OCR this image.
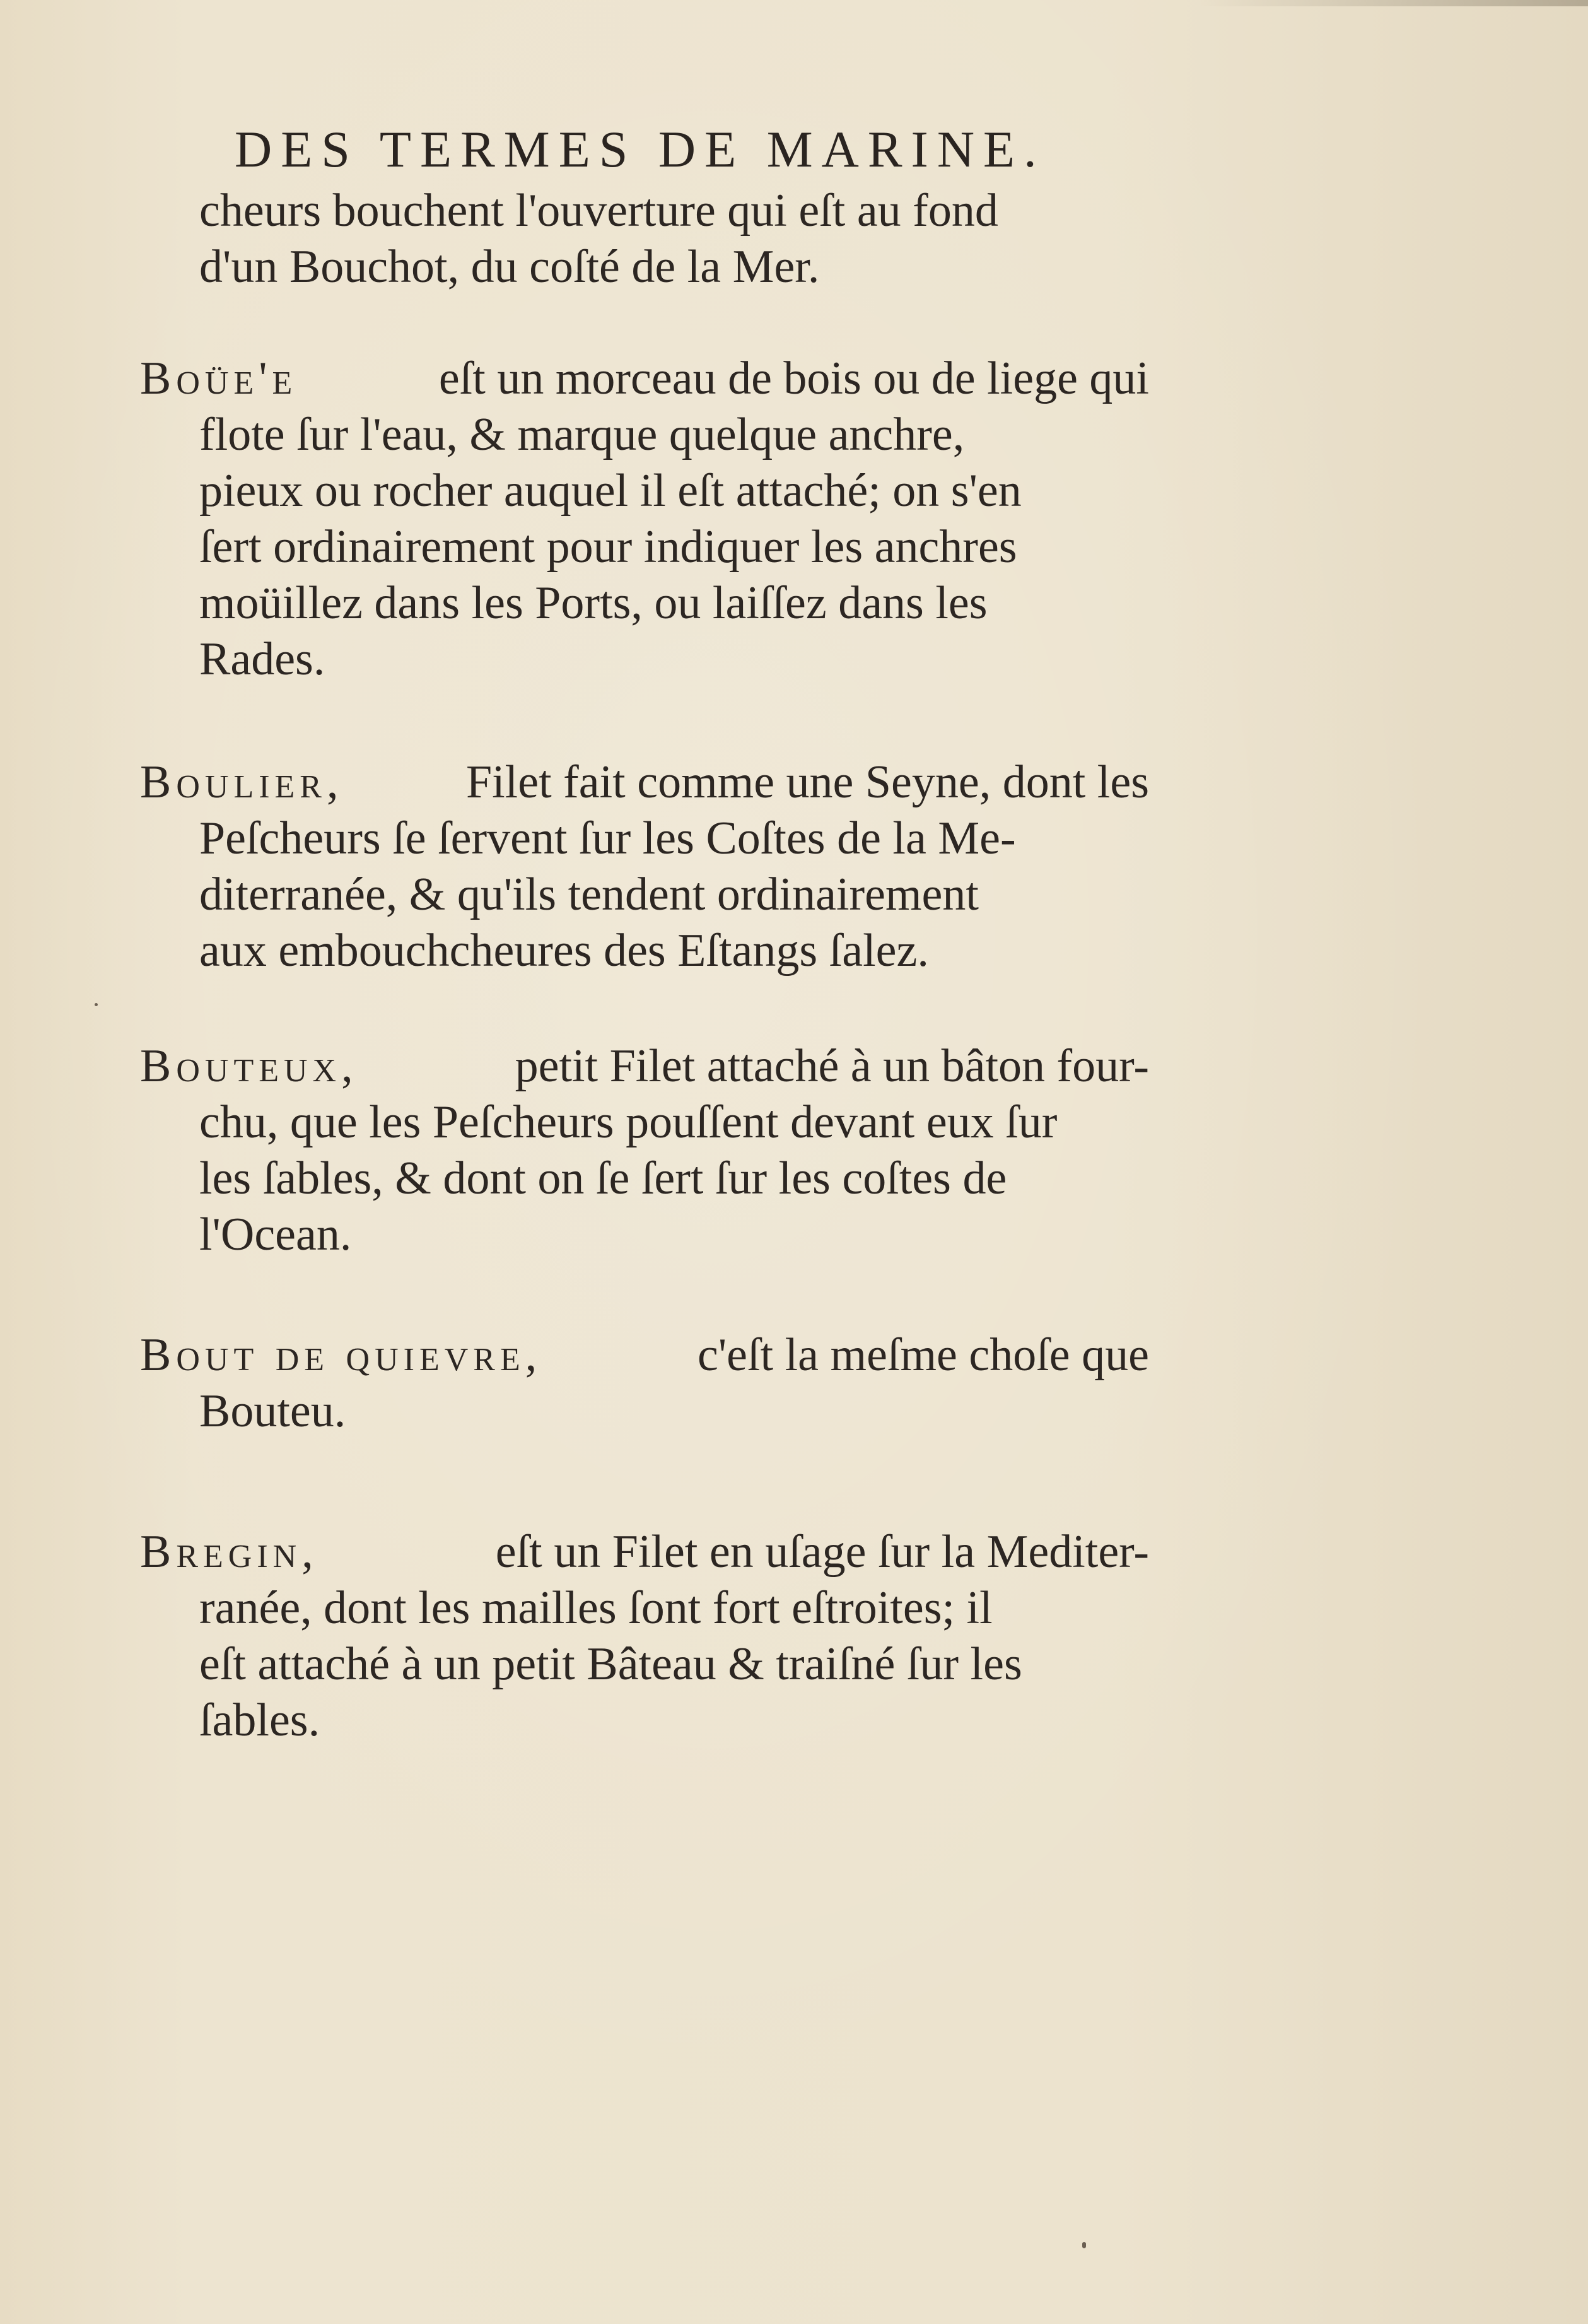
DES TERMES DE MARINE.
cheurs bouchent l'ouverture qui eſt au fond
d'un Bouchot, du coſté de la Mer.
Boüe'e	eſt un morceau de bois ou de liege qui
flote ſur l'eau, & marque quelque anchre,
pieux ou rocher auquel il eſt attaché; on s'en
ſert ordinairement pour indiquer les anchres
moüillez dans les Ports, ou laiſſez dans les
Rades.
Boulier,	Filet fait comme une Seyne, dont les
Peſcheurs ſe ſervent ſur les Coſtes de la Me-
diterranée, & qu'ils tendent ordinairement
aux embouchcheures des Eſtangs ſalez.
Bouteux,	petit Filet attaché à un bâton four-
chu, que les Peſcheurs pouſſent devant eux ſur
les ſables, & dont on ſe ſert ſur les coſtes de
l'Ocean.
Bout de quievre,	c'eſt la meſme choſe que
Bouteu.
Bregin,	eſt un Filet en uſage ſur la Mediter-
ranée, dont les mailles ſont fort eſtroites; il
eſt attaché à un petit Bâteau & traiſné ſur les
ſables.
